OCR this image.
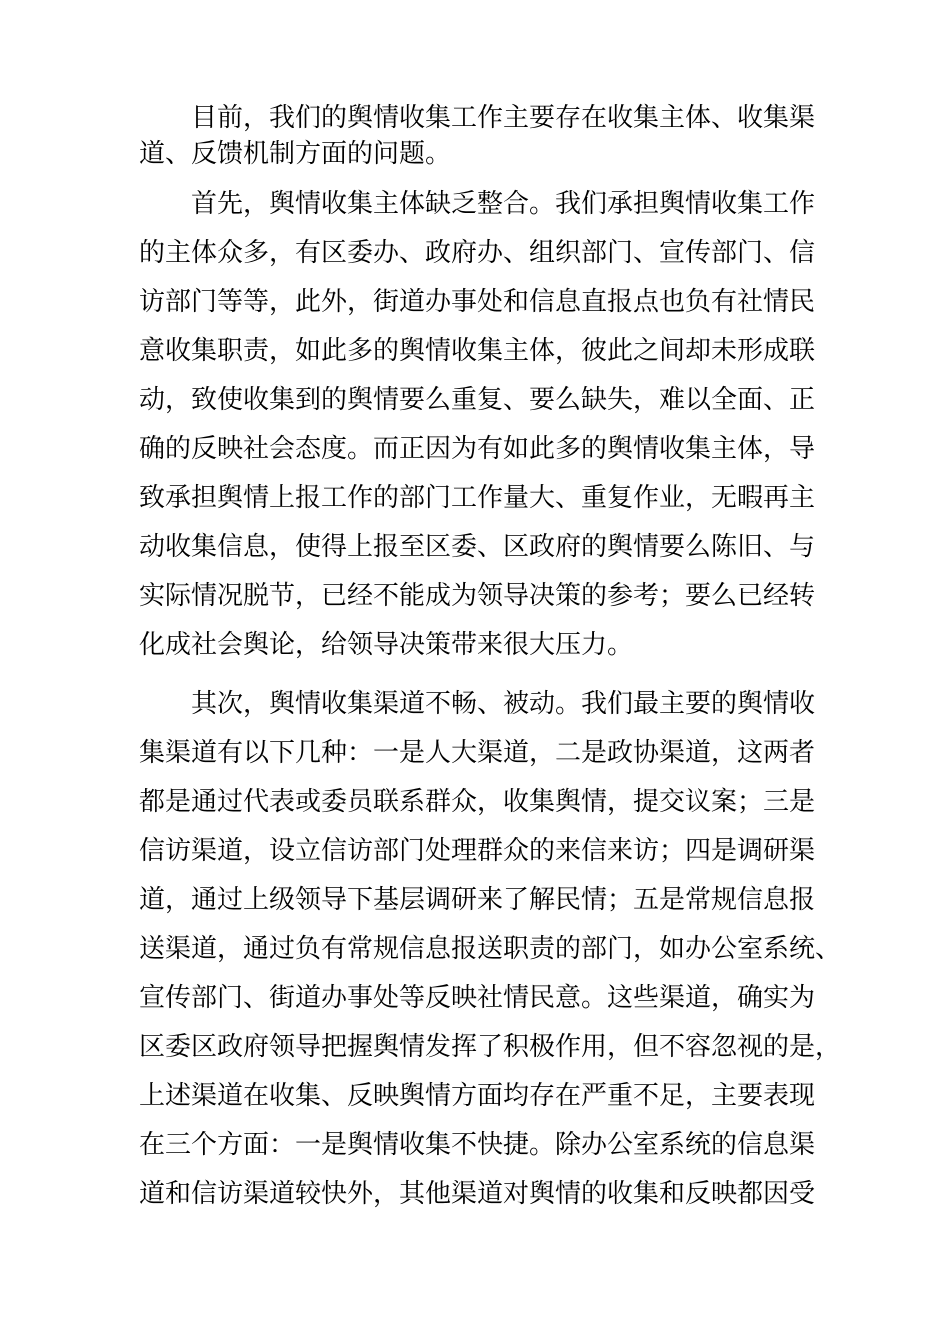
　　目前，我们的舆情收集工作主要存在收集主体、收集渠
道、反馈机制方面的问题。
　　首先，舆情收集主体缺乏整合。我们承担舆情收集工作
的主体众多，有区委办、政府办、组织部门、宣传部门、信
访部门等等，此外，街道办事处和信息直报点也负有社情民
意收集职责，如此多的舆情收集主体，彼此之间却未形成联
动，致使收集到的舆情要么重复、要么缺失，难以全面、正
确的反映社会态度。而正因为有如此多的舆情收集主体，导
致承担舆情上报工作的部门工作量大、重复作业，无暇再主
动收集信息，使得上报至区委、区政府的舆情要么陈旧、与
实际情况脱节，已经不能成为领导决策的参考；要么已经转
化成社会舆论，给领导决策带来很大压力。
　　其次，舆情收集渠道不畅、被动。我们最主要的舆情收
集渠道有以下几种：一是人大渠道，二是政协渠道，这两者
都是通过代表或委员联系群众，收集舆情，提交议案；三是
信访渠道，设立信访部门处理群众的来信来访；四是调研渠
道，通过上级领导下基层调研来了解民情；五是常规信息报
送渠道，通过负有常规信息报送职责的部门，如办公室系统、
宣传部门、街道办事处等反映社情民意。这些渠道，确实为
区委区政府领导把握舆情发挥了积极作用，但不容忽视的是，
上述渠道在收集、反映舆情方面均存在严重不足，主要表现
在三个方面：一是舆情收集不快捷。除办公室系统的信息渠
道和信访渠道较快外，其他渠道对舆情的收集和反映都因受
